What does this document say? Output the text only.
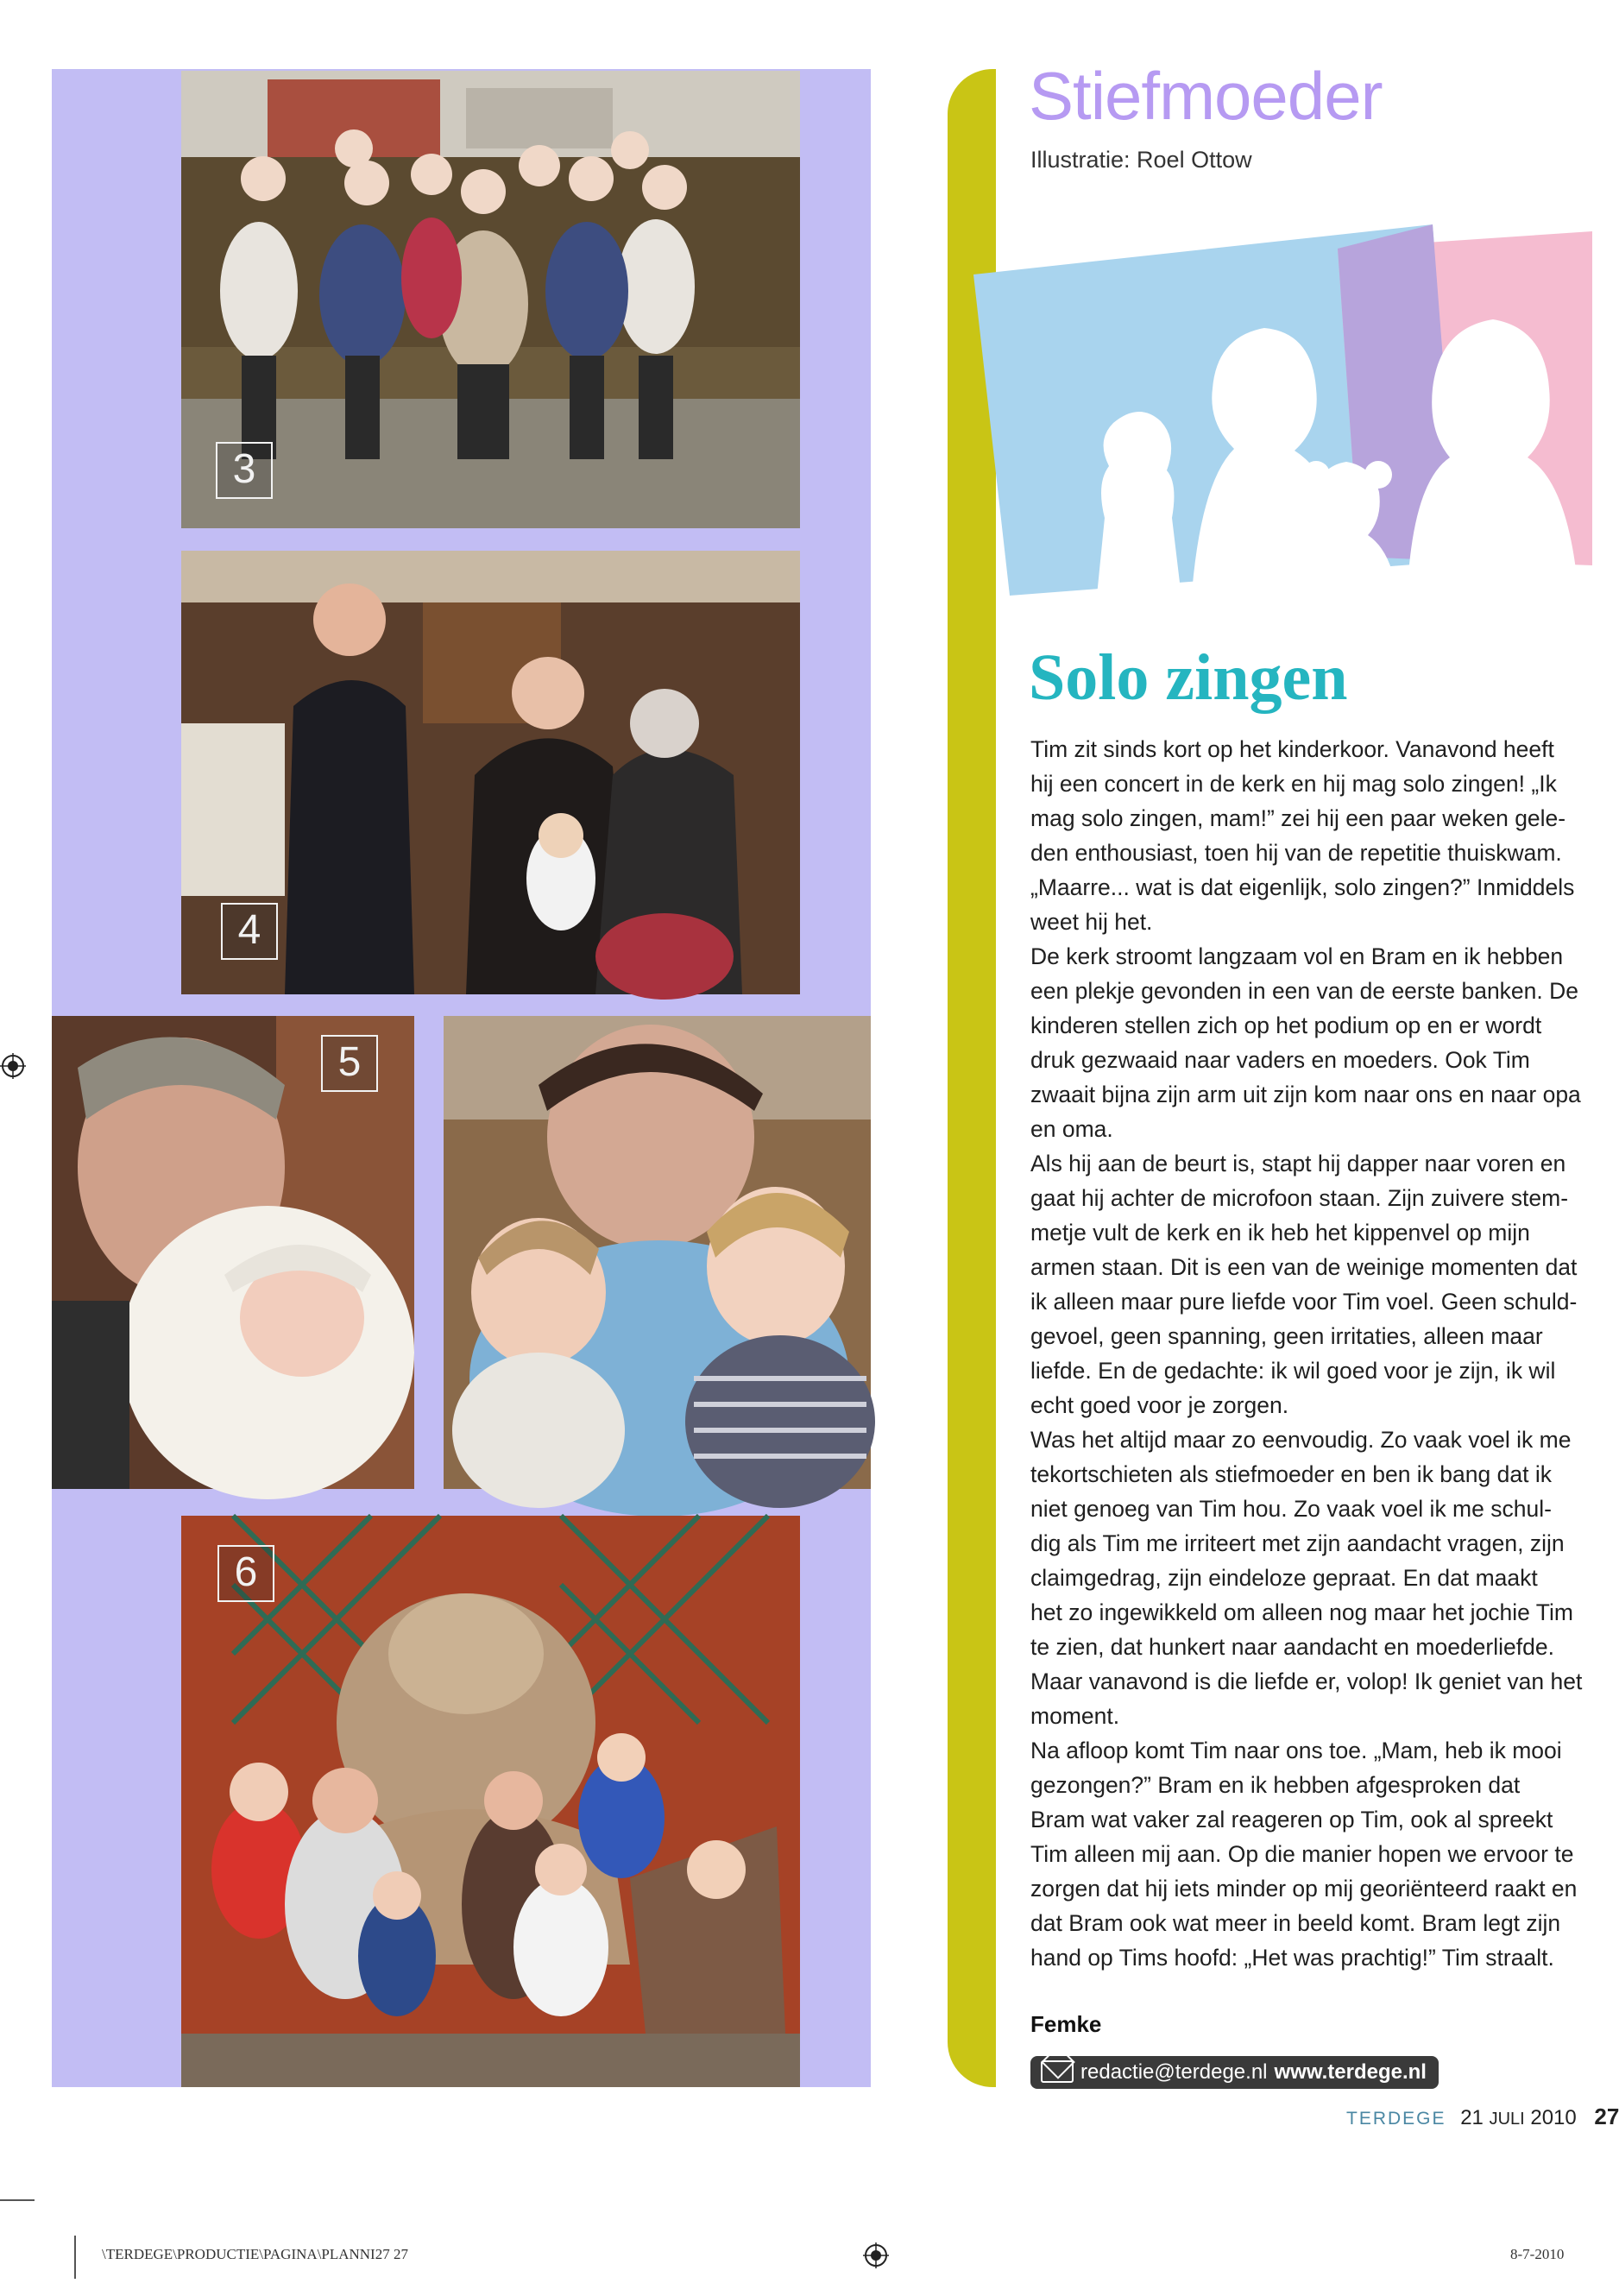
3
4
5
6
Stiefmoeder
Illustratie: Roel Ottow
Solo zingen

Tim zit sinds kort op het kinderkoor. Vanavond heeft

hij een concert in de kerk en hij mag solo zingen! „Ik

mag solo zingen, mam!” zei hij een paar weken gele-

den enthousiast, toen hij van de repetitie thuiskwam.

„Maarre... wat is dat eigenlijk, solo zingen?” Inmiddels

weet hij het.

De kerk stroomt langzaam vol en Bram en ik hebben

een plekje gevonden in een van de eerste banken. De

kinderen stellen zich op het podium op en er wordt

druk gezwaaid naar vaders en moeders. Ook Tim

zwaait bijna zijn arm uit zijn kom naar ons en naar opa

en oma.

Als hij aan de beurt is, stapt hij dapper naar voren en

gaat hij achter de microfoon staan. Zijn zuivere stem-

metje vult de kerk en ik heb het kippenvel op mijn

armen staan. Dit is een van de weinige momenten dat

ik alleen maar pure liefde voor Tim voel. Geen schuld-

gevoel, geen spanning, geen irritaties, alleen maar

liefde. En de gedachte: ik wil goed voor je zijn, ik wil

echt goed voor je zorgen.

Was het altijd maar zo eenvoudig. Zo vaak voel ik me

tekortschieten als stiefmoeder en ben ik bang dat ik

niet genoeg van Tim hou. Zo vaak voel ik me schul-

dig als Tim me irriteert met zijn aandacht vragen, zijn

claimgedrag, zijn eindeloze gepraat. En dat maakt

het zo ingewikkeld om alleen nog maar het jochie Tim

te zien, dat hunkert naar aandacht en moederliefde.

Maar vanavond is die liefde er, volop! Ik geniet van het

moment.

Na afloop komt Tim naar ons toe. „Mam, heb ik mooi

gezongen?” Bram en ik hebben afgesproken dat

Bram wat vaker zal reageren op Tim, ook al spreekt

Tim alleen mij aan. Op die manier hopen we ervoor te

zorgen dat hij iets minder op mij georiënteerd raakt en

dat Bram ook wat meer in beeld komt. Bram legt zijn

hand op Tims hoofd: „Het was prachtig!” Tim straalt.

Femke
redactie@terdege.nl www.terdege.nl
TERDEGE 21 JULI 2010 27
\TERDEGE\PRODUCTIE\PAGINA\PLANNI27 27	8-7-2010
